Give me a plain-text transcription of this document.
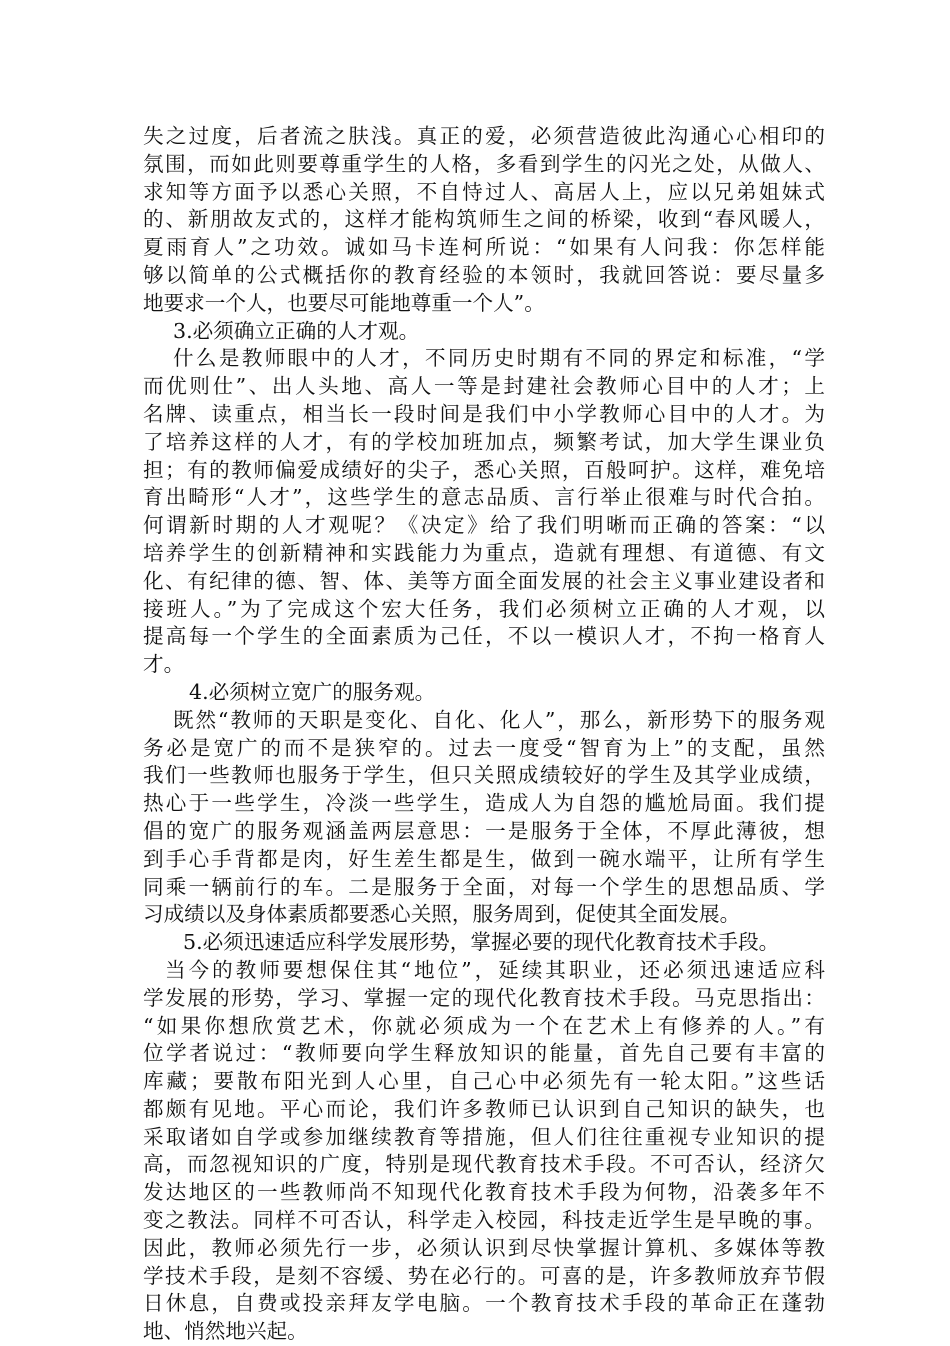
失之过度，后者流之肤浅。真正的爱，必须营造彼此沟通心心相印的
氛围，而如此则要尊重学生的人格，多看到学生的闪光之处，从做人、
求知等方面予以悉心关照，不自恃过人、高居人上，应以兄弟姐妹式
的、新朋故友式的，这样才能构筑师生之间的桥梁，收到“春风暖人，
夏雨育人”之功效。诚如马卡连柯所说：“如果有人问我：你怎样能
够以简单的公式概括你的教育经验的本领时，我就回答说：要尽量多
地要求一个人，也要尽可能地尊重一个人”。
3.必须确立正确的人才观。
什么是教师眼中的人才，不同历史时期有不同的界定和标准，“学
而优则仕”、出人头地、高人一等是封建社会教师心目中的人才；上
名牌、读重点，相当长一段时间是我们中小学教师心目中的人才。为
了培养这样的人才，有的学校加班加点，频繁考试，加大学生课业负
担；有的教师偏爱成绩好的尖子，悉心关照，百般呵护。这样，难免培
育出畸形“人才”，这些学生的意志品质、言行举止很难与时代合拍。
何谓新时期的人才观呢？《决定》给了我们明晰而正确的答案：“以
培养学生的创新精神和实践能力为重点，造就有理想、有道德、有文
化、有纪律的德、智、体、美等方面全面发展的社会主义事业建设者和
接班人。”为了完成这个宏大任务，我们必须树立正确的人才观，以
提高每一个学生的全面素质为己任，不以一模识人才，不拘一格育人
才。
4.必须树立宽广的服务观。
既然“教师的天职是变化、自化、化人”，那么，新形势下的服务观
务必是宽广的而不是狭窄的。过去一度受“智育为上”的支配，虽然
我们一些教师也服务于学生，但只关照成绩较好的学生及其学业成绩，
热心于一些学生，冷淡一些学生，造成人为自怨的尴尬局面。我们提
倡的宽广的服务观涵盖两层意思：一是服务于全体，不厚此薄彼，想
到手心手背都是肉，好生差生都是生，做到一碗水端平，让所有学生
同乘一辆前行的车。二是服务于全面，对每一个学生的思想品质、学
习成绩以及身体素质都要悉心关照，服务周到，促使其全面发展。
5.必须迅速适应科学发展形势，掌握必要的现代化教育技术手段。
当今的教师要想保住其“地位”，延续其职业，还必须迅速适应科
学发展的形势，学习、掌握一定的现代化教育技术手段。马克思指出：
“如果你想欣赏艺术，你就必须成为一个在艺术上有修养的人。”有
位学者说过：“教师要向学生释放知识的能量，首先自己要有丰富的
库藏；要散布阳光到人心里，自己心中必须先有一轮太阳。”这些话
都颇有见地。平心而论，我们许多教师已认识到自己知识的缺失，也
采取诸如自学或参加继续教育等措施，但人们往往重视专业知识的提
高，而忽视知识的广度，特别是现代教育技术手段。不可否认，经济欠
发达地区的一些教师尚不知现代化教育技术手段为何物，沿袭多年不
变之教法。同样不可否认，科学走入校园，科技走近学生是早晚的事。
因此，教师必须先行一步，必须认识到尽快掌握计算机、多媒体等教
学技术手段，是刻不容缓、势在必行的。可喜的是，许多教师放弃节假
日休息，自费或投亲拜友学电脑。一个教育技术手段的革命正在蓬勃
地、悄然地兴起。
